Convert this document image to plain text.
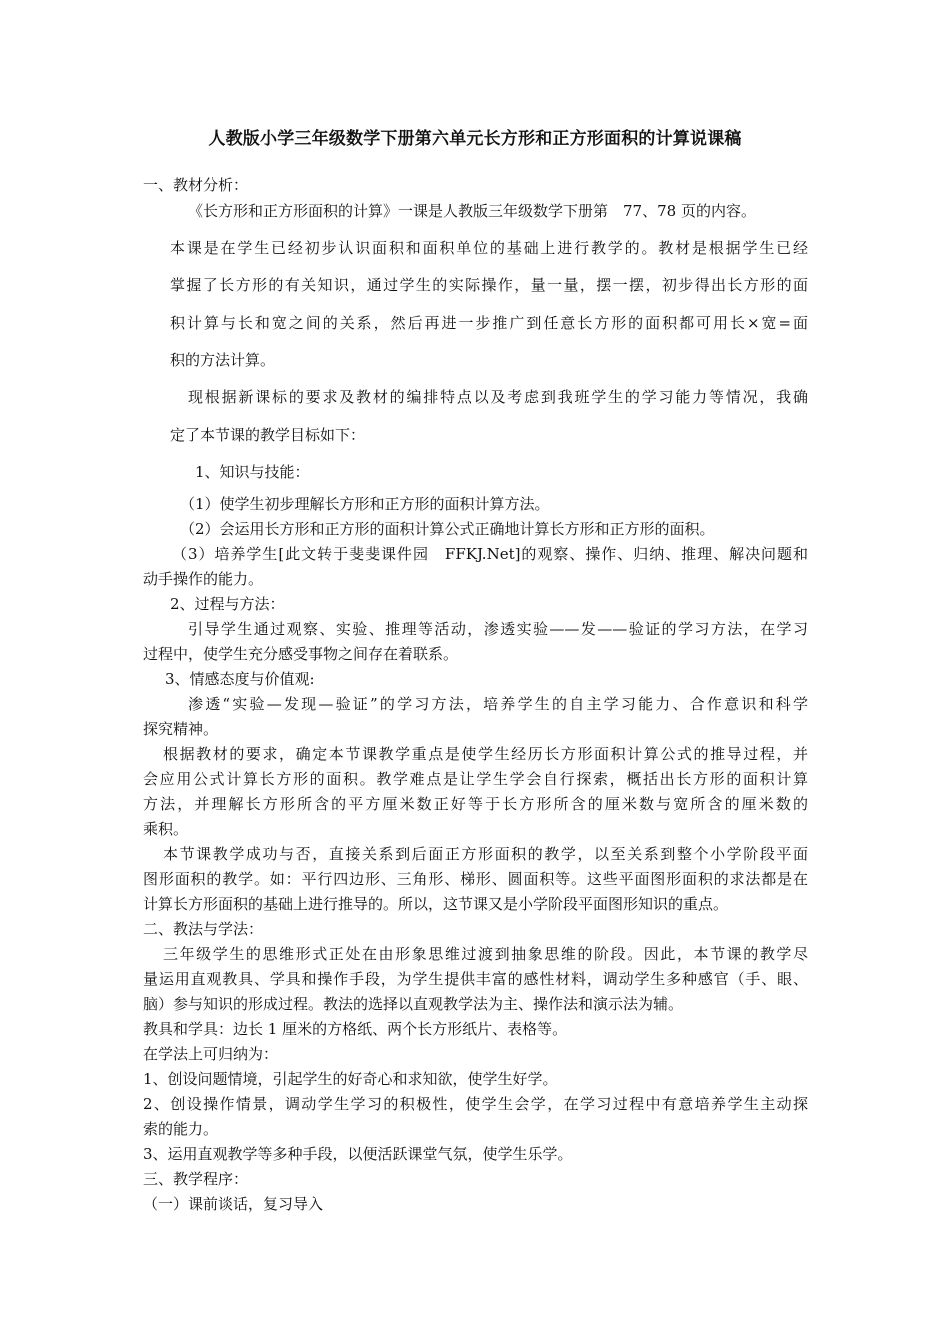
人教版小学三年级数学下册第六单元长方形和正方形面积的计算说课稿
一、教材分析：
《长方形和正方形面积的计算》一课是人教版三年级数学下册第　77、78 页的内容。
本课是在学生已经初步认识面积和面积单位的基础上进行教学的。教材是根据学生已经
掌握了长方形的有关知识，通过学生的实际操作，量一量，摆一摆，初步得出长方形的面
积计算与长和宽之间的关系，然后再进一步推广到任意长方形的面积都可用长×宽=面
积的方法计算。
现根据新课标的要求及教材的编排特点以及考虑到我班学生的学习能力等情况，我确
定了本节课的教学目标如下：
1、知识与技能：
（1）使学生初步理解长方形和正方形的面积计算方法。
（2）会运用长方形和正方形的面积计算公式正确地计算长方形和正方形的面积。
（3）培养学生[此文转于斐斐课件园　FFKJ.Net]的观察、操作、归纳、推理、解决问题和
动手操作的能力。
2、过程与方法：
引导学生通过观察、实验、推理等活动，渗透实验——发——验证的学习方法，在学习
过程中，使学生充分感受事物之间存在着联系。
3、情感态度与价值观:
渗透“实验—发现—验证”的学习方法，培养学生的自主学习能力、合作意识和科学
探究精神。
根据教材的要求，确定本节课教学重点是使学生经历长方形面积计算公式的推导过程，并
会应用公式计算长方形的面积。教学难点是让学生学会自行探索，概括出长方形的面积计算
方法，并理解长方形所含的平方厘米数正好等于长方形所含的厘米数与宽所含的厘米数的
乘积。
本节课教学成功与否，直接关系到后面正方形面积的教学，以至关系到整个小学阶段平面
图形面积的教学。如：平行四边形、三角形、梯形、圆面积等。这些平面图形面积的求法都是在
计算长方形面积的基础上进行推导的。所以，这节课又是小学阶段平面图形知识的重点。
二、教法与学法：
三年级学生的思维形式正处在由形象思维过渡到抽象思维的阶段。因此，本节课的教学尽
量运用直观教具、学具和操作手段，为学生提供丰富的感性材料，调动学生多种感官（手、眼、
脑）参与知识的形成过程。教法的选择以直观教学法为主、操作法和演示法为辅。
教具和学具：边长 1 厘米的方格纸、两个长方形纸片、表格等。
在学法上可归纳为：
1、创设问题情境，引起学生的好奇心和求知欲，使学生好学。
2、创设操作情景，调动学生学习的积极性，使学生会学，在学习过程中有意培养学生主动探
索的能力。
3、运用直观教学等多种手段，以便活跃课堂气氛，使学生乐学。
三、教学程序：
（一）课前谈话，复习导入
